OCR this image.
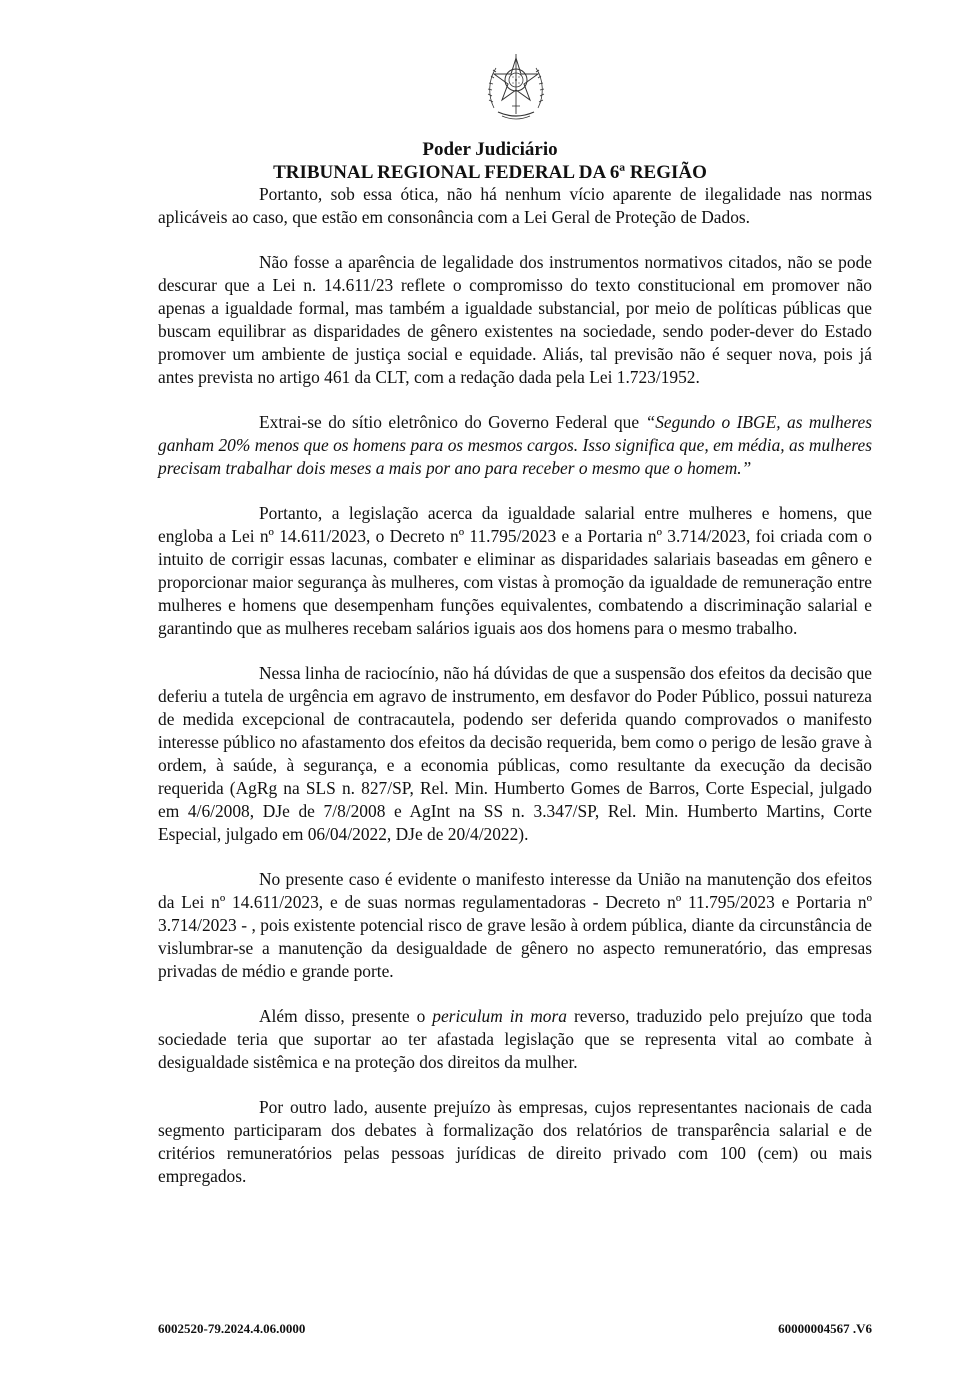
Poder Judiciário
TRIBUNAL REGIONAL FEDERAL DA 6ª REGIÃO

Portanto, sob essa ótica, não há nenhum vício aparente de ilegalidade nas normas aplicáveis ao caso, que estão em consonância com a Lei Geral de Proteção de Dados.

Não fosse a aparência de legalidade dos instrumentos normativos citados, não se pode descurar que a Lei n. 14.611/23 reflete o compromisso do texto constitucional em promover não apenas a igualdade formal, mas também a igualdade substancial, por meio de políticas públicas que buscam equilibrar as disparidades de gênero existentes na sociedade, sendo poder-dever do Estado promover um ambiente de justiça social e equidade. Aliás, tal previsão não é sequer nova, pois já antes prevista no artigo 461 da CLT, com a redação dada pela Lei 1.723/1952.

Extrai-se do sítio eletrônico do Governo Federal que “Segundo o IBGE, as mulheres ganham 20% menos que os homens para os mesmos cargos. Isso significa que, em média, as mulheres precisam trabalhar dois meses a mais por ano para receber o mesmo que o homem.”

Portanto, a legislação acerca da igualdade salarial entre mulheres e homens, que engloba a Lei nº 14.611/2023, o Decreto nº 11.795/2023 e a Portaria nº 3.714/2023, foi criada com o intuito de corrigir essas lacunas, combater e eliminar as disparidades salariais baseadas em gênero e proporcionar maior segurança às mulheres, com vistas à promoção da igualdade de remuneração entre mulheres e homens que desempenham funções equivalentes, combatendo a discriminação salarial e garantindo que as mulheres recebam salários iguais aos dos homens para o mesmo trabalho.

Nessa linha de raciocínio, não há dúvidas de que a suspensão dos efeitos da decisão que deferiu a tutela de urgência em agravo de instrumento, em desfavor do Poder Público, possui natureza de medida excepcional de contracautela, podendo ser deferida quando comprovados o manifesto interesse público no afastamento dos efeitos da decisão requerida, bem como o perigo de lesão grave à ordem, à saúde, à segurança, e a economia públicas, como resultante da execução da decisão requerida (AgRg na SLS n. 827/SP, Rel. Min. Humberto Gomes de Barros, Corte Especial, julgado em 4/6/2008, DJe de 7/8/2008 e AgInt na SS n. 3.347/SP, Rel. Min. Humberto Martins, Corte Especial, julgado em 06/04/2022, DJe de 20/4/2022).

No presente caso é evidente o manifesto interesse da União na manutenção dos efeitos da Lei nº 14.611/2023, e de suas normas regulamentadoras - Decreto nº 11.795/2023 e Portaria nº 3.714/2023 - , pois existente potencial risco de grave lesão à ordem pública, diante da circunstância de vislumbrar-se a manutenção da desigualdade de gênero no aspecto remuneratório, das empresas privadas de médio e grande porte.

Além disso, presente o periculum in mora reverso, traduzido pelo prejuízo que toda sociedade teria que suportar ao ter afastada legislação que se representa vital ao combate à desigualdade sistêmica e na proteção dos direitos da mulher.

Por outro lado, ausente prejuízo às empresas, cujos representantes nacionais de cada segmento participaram dos debates à formalização dos relatórios de transparência salarial e de critérios remuneratórios pelas pessoas jurídicas de direito privado com 100 (cem) ou mais empregados.

6002520-79.2024.4.06.0000	60000004567 .V6
